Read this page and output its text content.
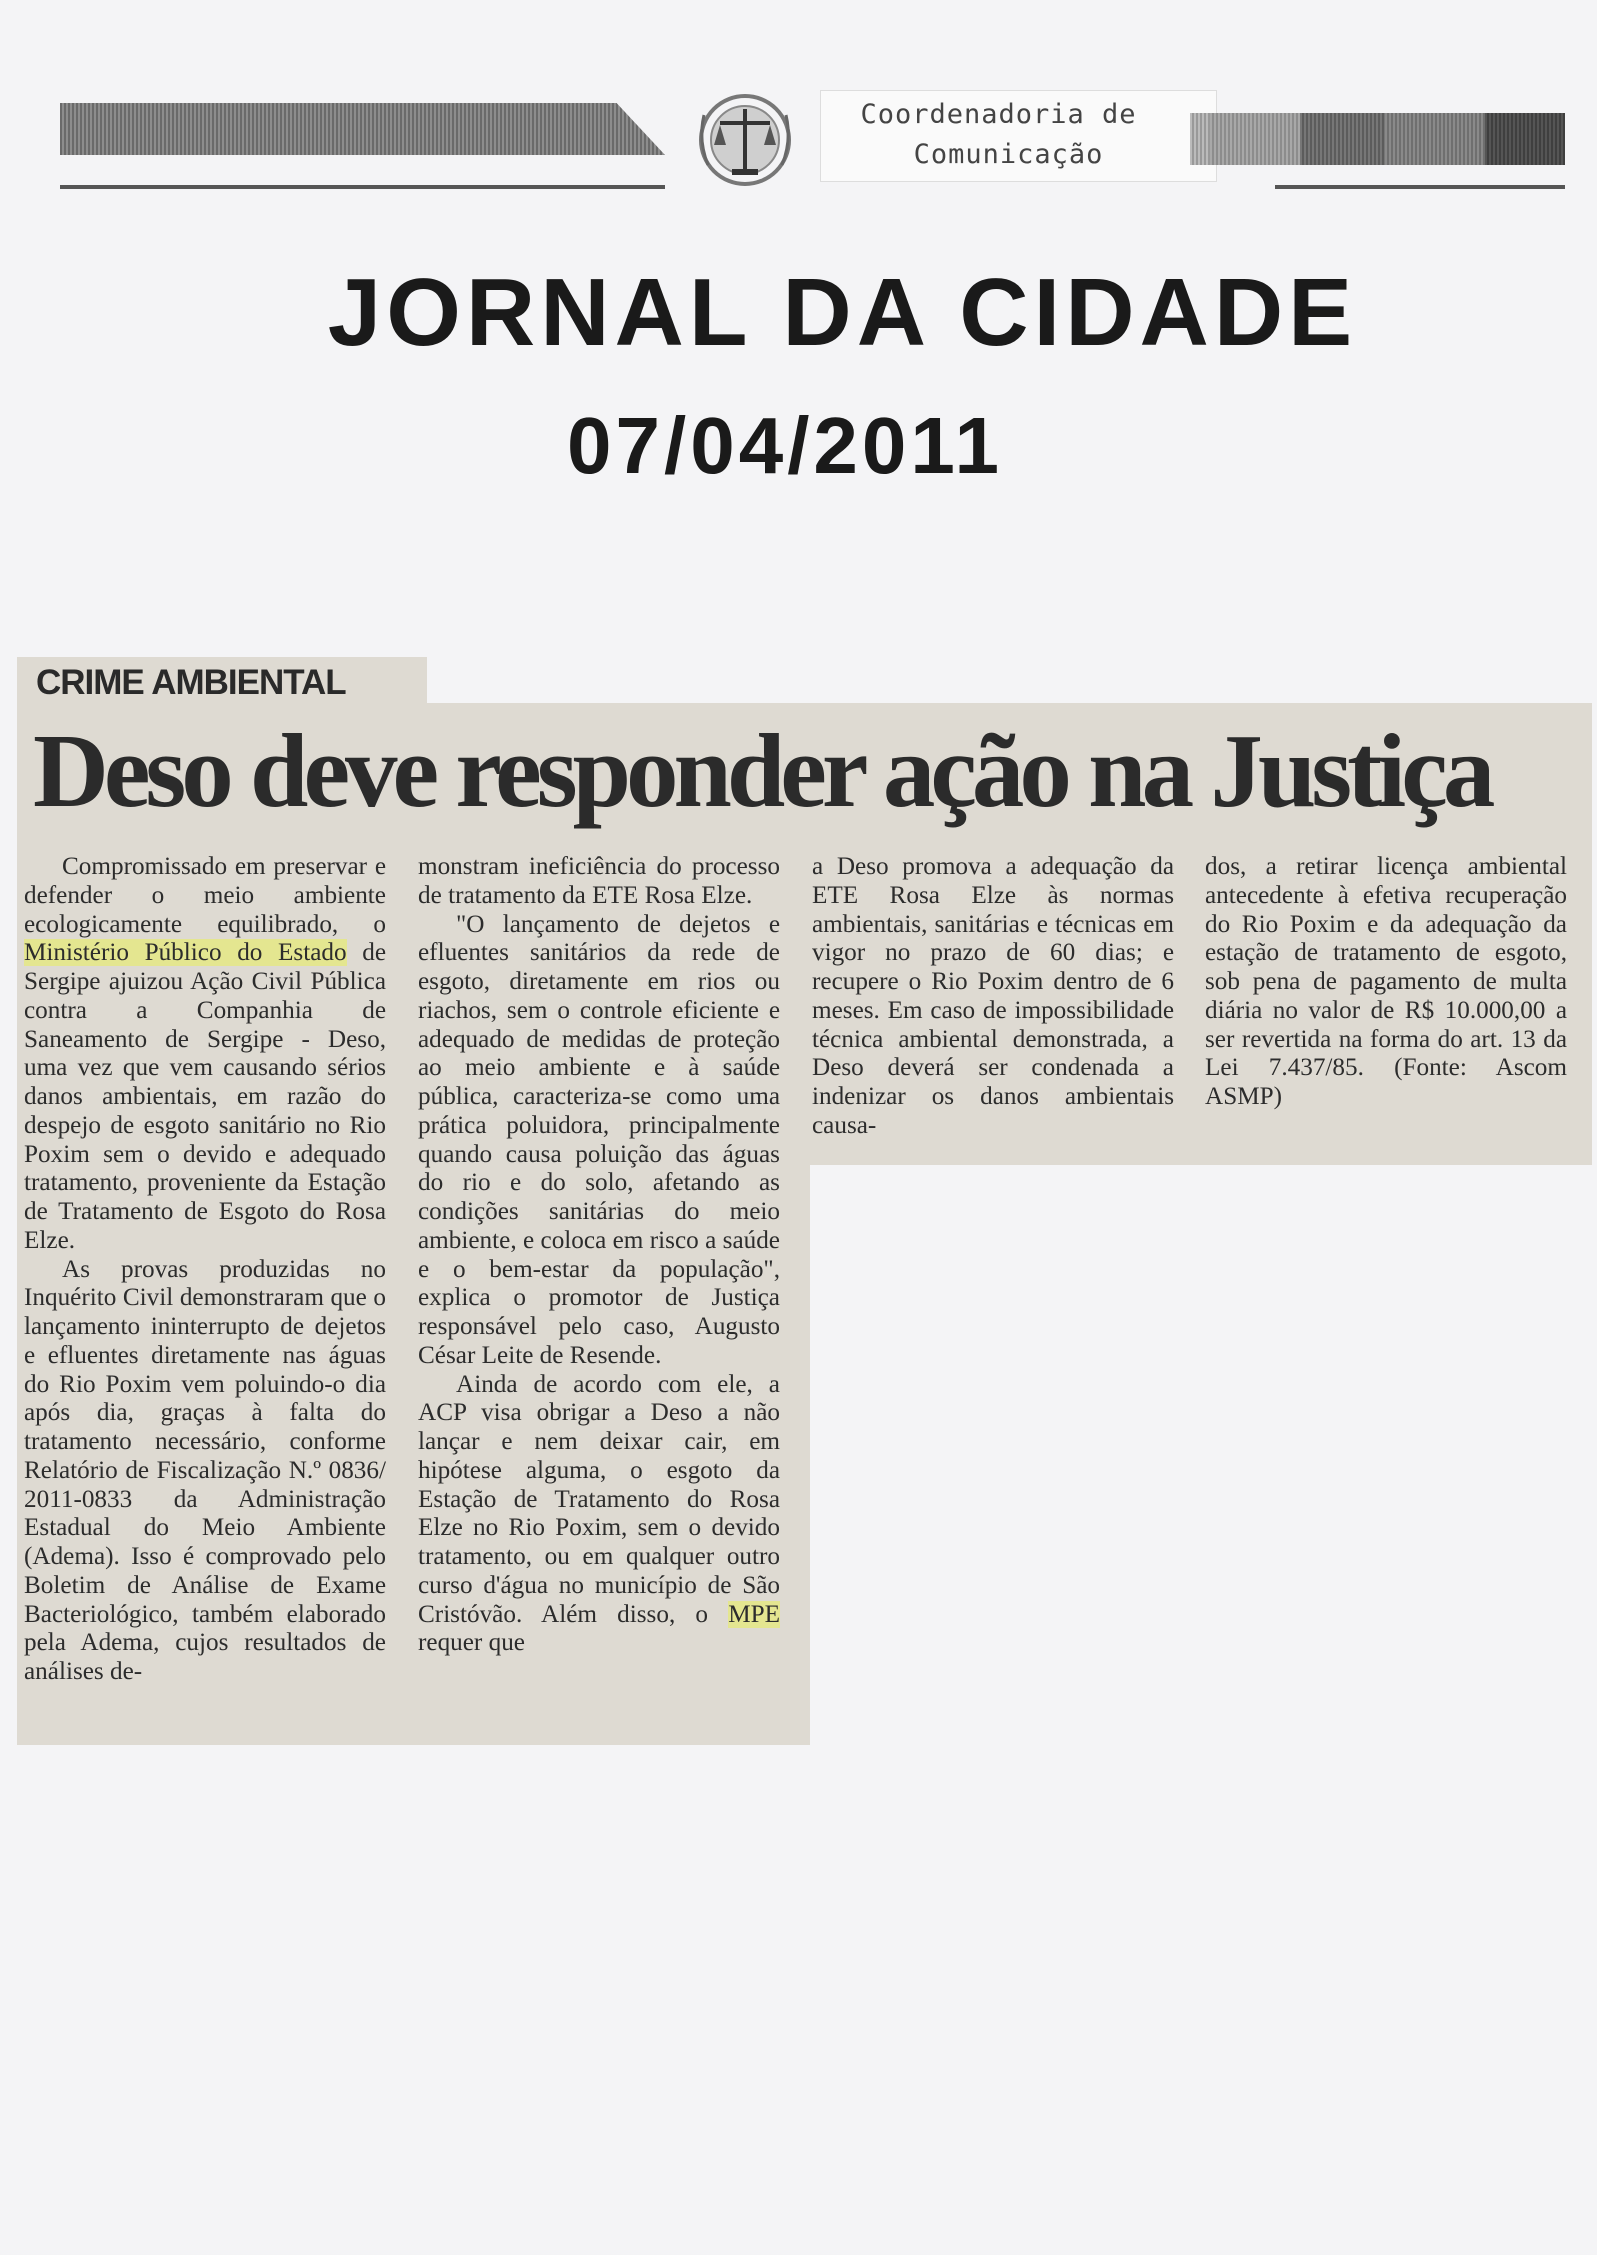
Coordenadoria de
Comunicação
JORNAL DA CIDADE
07/04/2011
CRIME AMBIENTAL
Deso deve responder ação na Justiça

Compromissado em preservar e defender o meio ambiente ecologicamente equilibrado, o Ministério Público do Estado de Sergipe ajuizou Ação Civil Pública contra a Companhia de Saneamento de Sergipe - Deso, uma vez que vem causando sérios danos ambientais, em razão do despejo de esgoto sanitário no Rio Poxim sem o devido e adequado tratamento, proveniente da Estação de Tratamento de Esgoto do Rosa Elze.

As provas produzidas no Inquérito Civil demonstraram que o lançamento ininterrupto de dejetos e efluentes diretamente nas águas do Rio Poxim vem poluindo-o dia após dia, graças à falta do tratamento necessário, conforme Relatório de Fiscalização N.º 0836/ 2011-0833 da Administração Estadual do Meio Ambiente (Adema). Isso é comprovado pelo Boletim de Análise de Exame Bacteriológico, também elaborado pela Adema, cujos resultados de análises de-

monstram ineficiência do processo de tratamento da ETE Rosa Elze.

"O lançamento de dejetos e efluentes sanitários da rede de esgoto, diretamente em rios ou riachos, sem o controle eficiente e adequado de medidas de proteção ao meio ambiente e à saúde pública, caracteriza-se como uma prática poluidora, principalmente quando causa poluição das águas do rio e do solo, afetando as condições sanitárias do meio ambiente, e coloca em risco a saúde e o bem-estar da população", explica o promotor de Justiça responsável pelo caso, Augusto César Leite de Resende.

Ainda de acordo com ele, a ACP visa obrigar a Deso a não lançar e nem deixar cair, em hipótese alguma, o esgoto da Estação de Tratamento do Rosa Elze no Rio Poxim, sem o devido tratamento, ou em qualquer outro curso d'água no município de São Cristóvão. Além disso, o MPE requer que

a Deso promova a adequação da ETE Rosa Elze às normas ambientais, sanitárias e técnicas em vigor no prazo de 60 dias; e recupere o Rio Poxim dentro de 6 meses. Em caso de impossibilidade técnica ambiental demonstrada, a Deso deverá ser condenada a indenizar os danos ambientais causa-

dos, a retirar licença ambiental antecedente à efetiva recuperação do Rio Poxim e da adequação da estação de tratamento de esgoto, sob pena de pagamento de multa diária no valor de R$ 10.000,00 a ser revertida na forma do art. 13 da Lei 7.437/85. (Fonte: Ascom ASMP)
